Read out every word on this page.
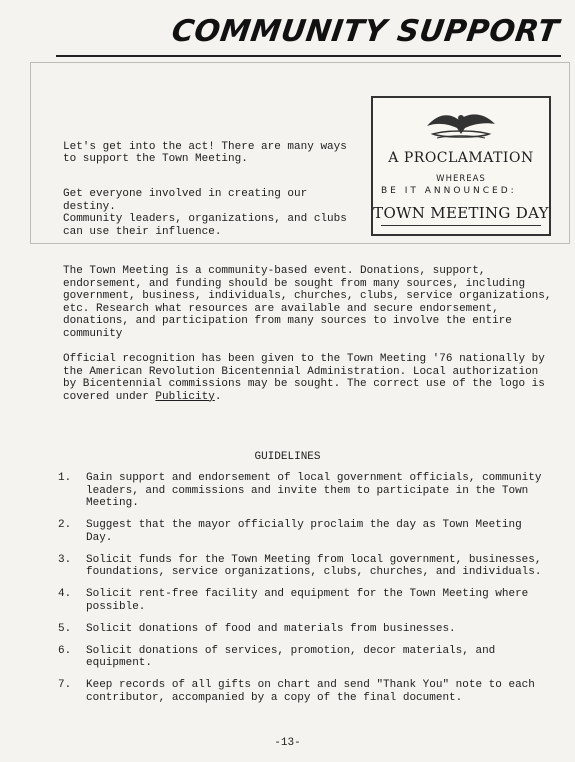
COMMUNITY SUPPORT

Let's get into the act! There are many ways
to support the Town Meeting.

Get everyone involved in creating our destiny.
Community leaders, organizations, and clubs
can use their influence.

A PROCLAMATION
WHEREAS
BE IT ANNOUNCED:
TOWN MEETING DAY

The Town Meeting is a community-based event. Donations, support, endorsement, and funding should be sought from many sources, including government, business, individuals, churches, clubs, service organizations, etc. Research what resources are available and secure endorsement, donations, and participation from many sources to involve the entire community

Official recognition has been given to the Town Meeting '76 nationally by the American Revolution Bicentennial Administration. Local authorization by Bicentennial commissions may be sought. The correct use of the logo is covered under Publicity.

GUIDELINES
1. Gain support and endorsement of local government officials, community leaders, and commissions and invite them to participate in the Town Meeting.
2. Suggest that the mayor officially proclaim the day as Town Meeting Day.
3. Solicit funds for the Town Meeting from local government, businesses, foundations, service organizations, clubs, churches, and individuals.
4. Solicit rent-free facility and equipment for the Town Meeting where possible.
5. Solicit donations of food and materials from businesses.
6. Solicit donations of services, promotion, decor materials, and equipment.
7. Keep records of all gifts on chart and send "Thank You" note to each contributor, accompanied by a copy of the final document.
-13-
